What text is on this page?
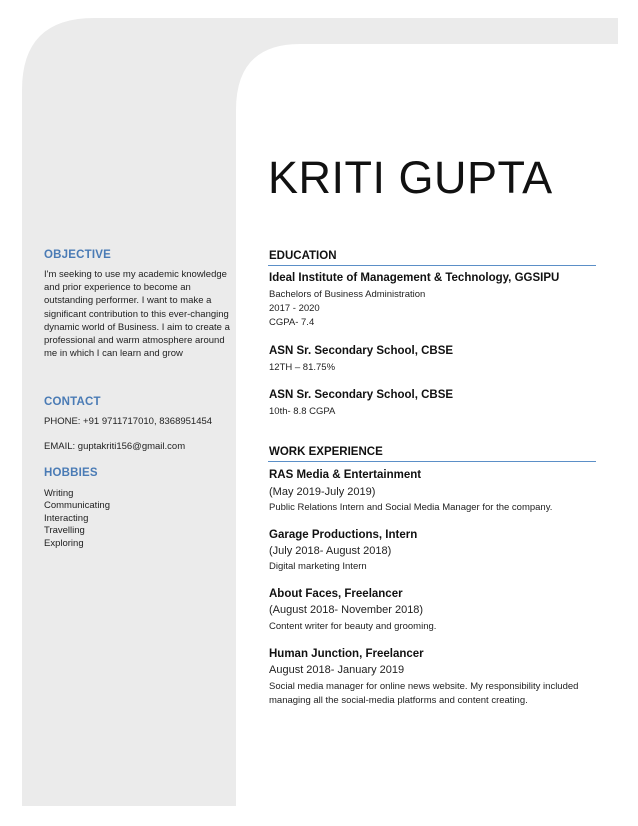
OBJECTIVE
I'm seeking to use my academic knowledge and prior experience to become an outstanding performer. I want to make a significant contribution to this ever-changing dynamic world of Business. I aim to create a professional and warm atmosphere around me in which I can learn and grow
CONTACT
PHONE: +91 9711717010, 8368951454
EMAIL: guptakriti156@gmail.com
HOBBIES
Writing
Communicating
Interacting
Travelling
Exploring
KRITI GUPTA
EDUCATION
Ideal Institute of Management & Technology, GGSIPU
Bachelors of Business Administration
2017 - 2020
CGPA- 7.4
ASN Sr. Secondary School, CBSE
12TH – 81.75%
ASN Sr. Secondary School, CBSE
10th- 8.8 CGPA
WORK EXPERIENCE
RAS Media & Entertainment
(May 2019-July 2019)
Public Relations Intern and Social Media Manager for the company.
Garage Productions, Intern
(July 2018- August 2018)
Digital marketing Intern
About Faces, Freelancer
(August 2018- November 2018)
Content writer for beauty and grooming.
Human Junction, Freelancer
August 2018- January 2019
Social media manager for online news website. My responsibility included managing all the social-media platforms and content creating.
